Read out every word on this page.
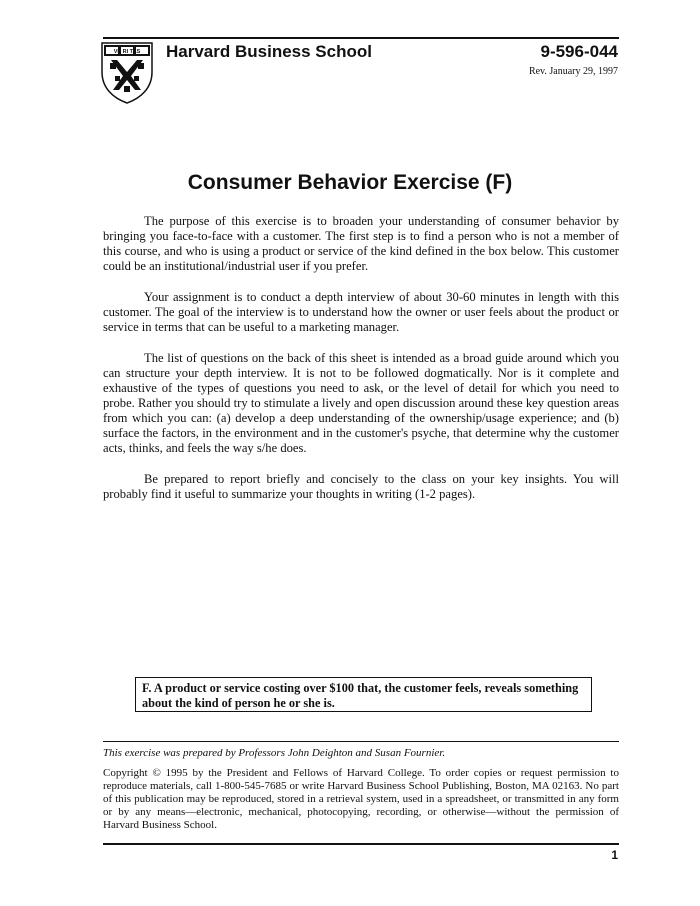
VE RI TAS Harvard Business School	9-596-044
Rev. January 29, 1997
Consumer Behavior Exercise (F)

The purpose of this exercise is to broaden your understanding of consumer behavior by bringing you face-to-face with a customer. The first step is to find a person who is not a member of this course, and who is using a product or service of the kind defined in the box below. This customer could be an institutional/industrial user if you prefer.

Your assignment is to conduct a depth interview of about 30-60 minutes in length with this customer. The goal of the interview is to understand how the owner or user feels about the product or service in terms that can be useful to a marketing manager.

The list of questions on the back of this sheet is intended as a broad guide around which you can structure your depth interview. It is not to be followed dogmatically. Nor is it complete and exhaustive of the types of questions you need to ask, or the level of detail for which you need to probe. Rather you should try to stimulate a lively and open discussion around these key question areas from which you can: (a) develop a deep understanding of the ownership/usage experience; and (b) surface the factors, in the environment and in the customer's psyche, that determine why the customer acts, thinks, and feels the way s/he does.

Be prepared to report briefly and concisely to the class on your key insights. You will probably find it useful to summarize your thoughts in writing (1-2 pages).

F. A product or service costing over $100 that, the customer feels, reveals something about the kind of person he or she is.
This exercise was prepared by Professors John Deighton and Susan Fournier.
Copyright © 1995 by the President and Fellows of Harvard College. To order copies or request permission to reproduce materials, call 1-800-545-7685 or write Harvard Business School Publishing, Boston, MA 02163. No part of this publication may be reproduced, stored in a retrieval system, used in a spreadsheet, or transmitted in any form or by any means—electronic, mechanical, photocopying, recording, or otherwise—without the permission of Harvard Business School.
1
